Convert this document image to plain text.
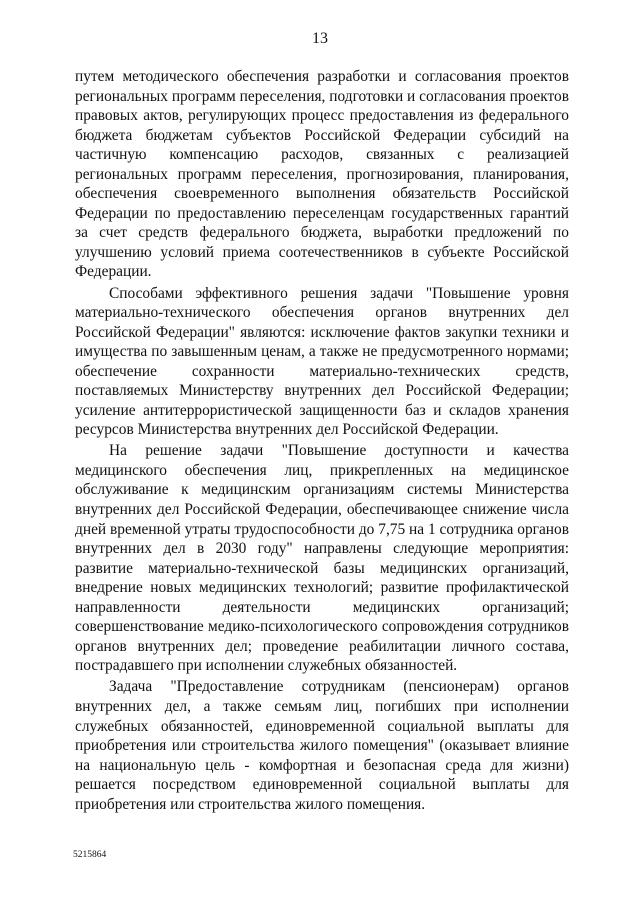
13

путем методического обеспечения разработки и согласования проектов региональных программ переселения, подготовки и согласования проектов правовых актов, регулирующих процесс предоставления из федерального бюджета бюджетам субъектов Российской Федерации субсидий на частичную компенсацию расходов, связанных с реализацией региональных программ переселения, прогнозирования, планирования, обеспечения своевременного выполнения обязательств Российской Федерации по предоставлению переселенцам государственных гарантий за счет средств федерального бюджета, выработки предложений по улучшению условий приема соотечественников в субъекте Российской Федерации.

Способами эффективного решения задачи "Повышение уровня материально-технического обеспечения органов внутренних дел Российской Федерации" являются: исключение фактов закупки техники и имущества по завышенным ценам, а также не предусмотренного нормами; обеспечение сохранности материально-технических средств, поставляемых Министерству внутренних дел Российской Федерации; усиление антитеррористической защищенности баз и складов хранения ресурсов Министерства внутренних дел Российской Федерации.

На решение задачи "Повышение доступности и качества медицинского обеспечения лиц, прикрепленных на медицинское обслуживание к медицинским организациям системы Министерства внутренних дел Российской Федерации, обеспечивающее снижение числа дней временной утраты трудоспособности до 7,75 на 1 сотрудника органов внутренних дел в 2030 году" направлены следующие мероприятия: развитие материально-технической базы медицинских организаций, внедрение новых медицинских технологий; развитие профилактической направленности деятельности медицинских организаций; совершенствование медико-психологического сопровождения сотрудников органов внутренних дел; проведение реабилитации личного состава, пострадавшего при исполнении служебных обязанностей.

Задача "Предоставление сотрудникам (пенсионерам) органов внутренних дел, а также семьям лиц, погибших при исполнении служебных обязанностей, единовременной социальной выплаты для приобретения или строительства жилого помещения" (оказывает влияние на национальную цель - комфортная и безопасная среда для жизни) решается посредством единовременной социальной выплаты для приобретения или строительства жилого помещения.

5215864
